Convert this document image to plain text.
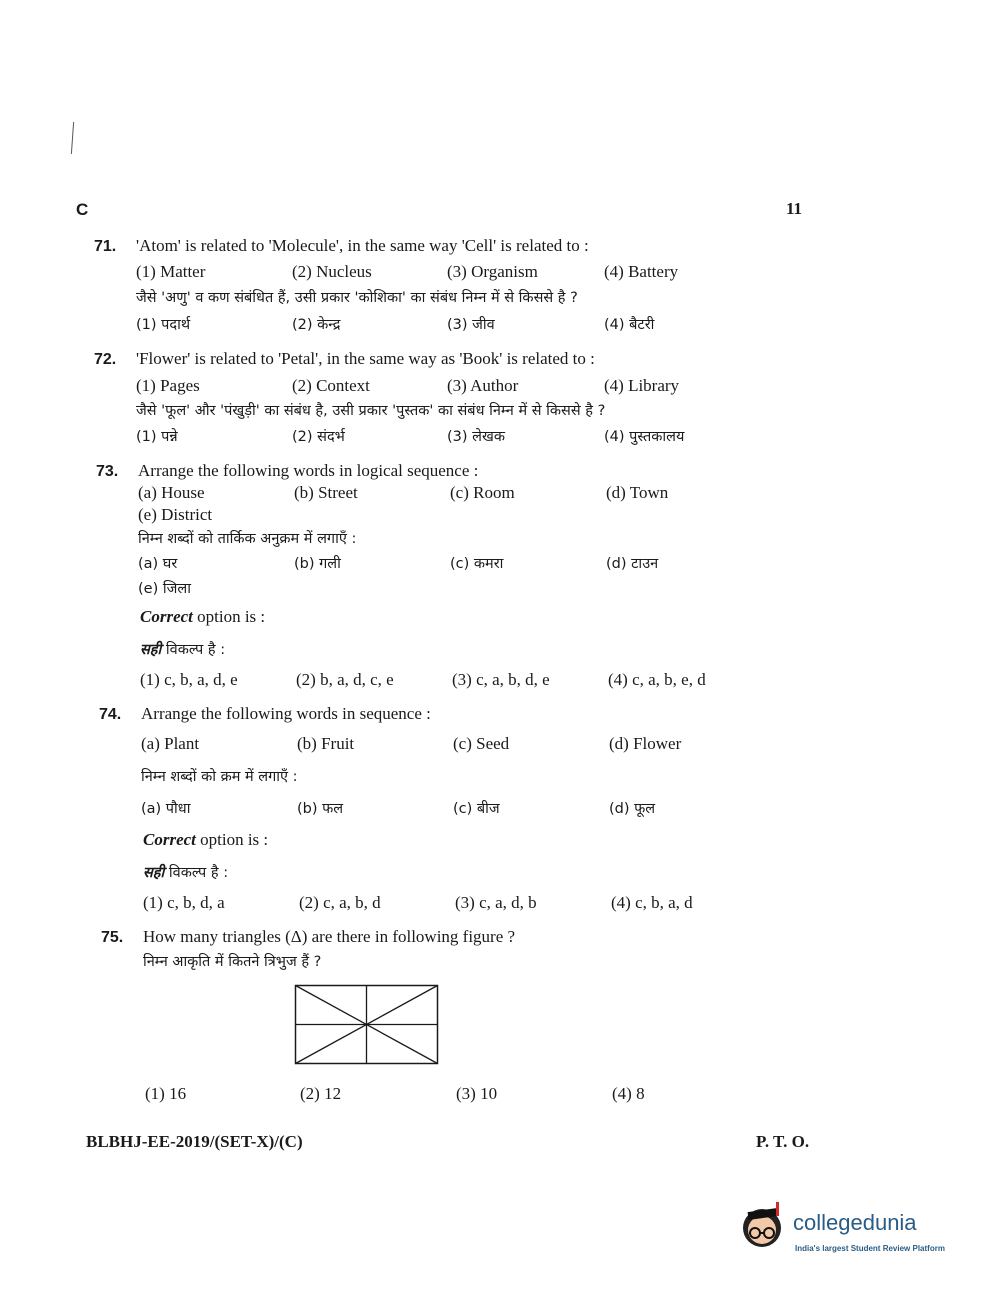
C	11
71. 'Atom' is related to 'Molecule', in the same way 'Cell' is related to :
(1) Matter	(2) Nucleus	(3) Organism	(4) Battery
जैसे 'अणु' व कण संबंधित हैं, उसी प्रकार 'कोशिका' का संबंध निम्न में से किससे है ?
(1) पदार्थ	(2) केन्द्र	(3) जीव	(4) बैटरी
72. 'Flower' is related to 'Petal', in the same way as 'Book' is related to :
(1) Pages	(2) Context	(3) Author	(4) Library
जैसे 'फूल' और 'पंखुड़ी' का संबंध है, उसी प्रकार 'पुस्तक' का संबंध निम्न में से किससे है ?
(1) पन्ने	(2) संदर्भ	(3) लेखक	(4) पुस्तकालय
73. Arrange the following words in logical sequence :
(a) House	(b) Street	(c) Room	(d) Town
(e) District
निम्न शब्दों को तार्किक अनुक्रम में लगाएँ :
(a) घर	(b) गली	(c) कमरा	(d) टाउन
(e) जिला
Correct option is :
सही विकल्प है :
(1) c, b, a, d, e	(2) b, a, d, c, e	(3) c, a, b, d, e	(4) c, a, b, e, d
74. Arrange the following words in sequence :
(a) Plant	(b) Fruit	(c) Seed	(d) Flower
निम्न शब्दों को क्रम में लगाएँ :
(a) पौधा	(b) फल	(c) बीज	(d) फूल
Correct option is :
सही विकल्प है :
(1) c, b, d, a	(2) c, a, b, d	(3) c, a, d, b	(4) c, b, a, d
75. How many triangles (Δ) are there in following figure ?
निम्न आकृति में कितने त्रिभुज हैं ?
(1) 16	(2) 12	(3) 10	(4) 8
BLBHJ-EE-2019/(SET-X)/(C)	P. T. O.
collegedunia
India's largest Student Review Platform
